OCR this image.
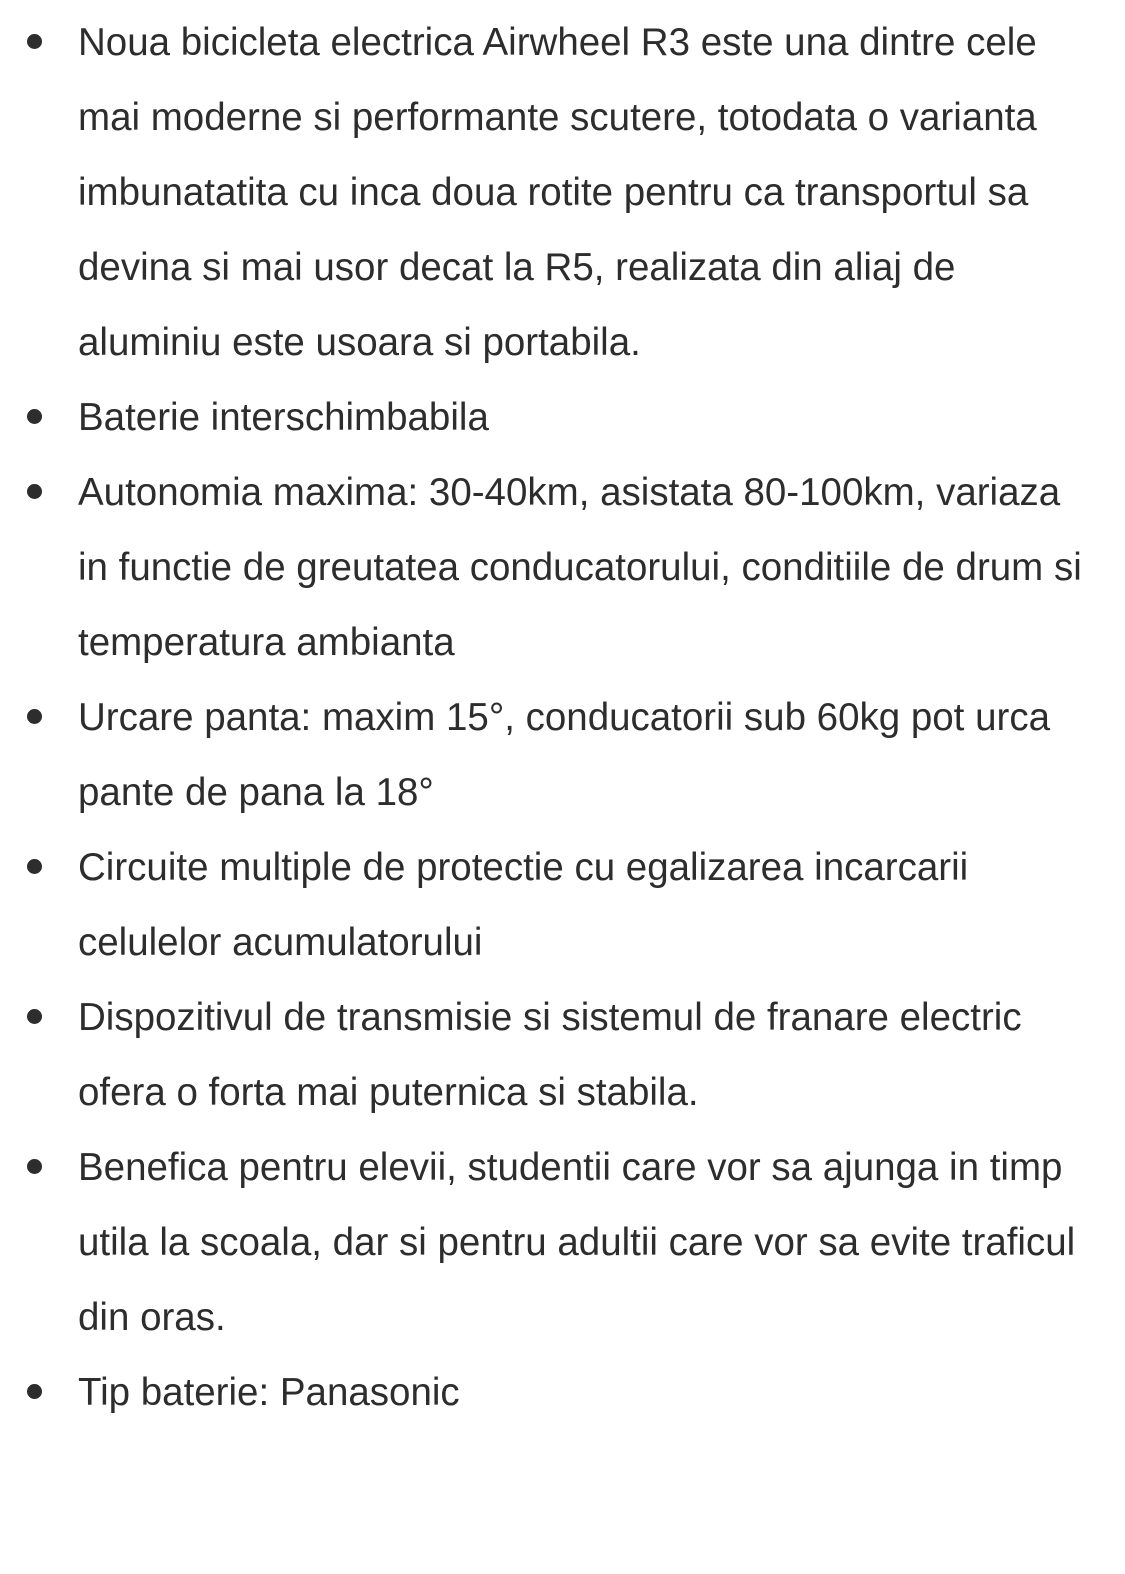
Noua bicicleta electrica Airwheel R3 este una dintre cele mai moderne si performante scutere, totodata o varianta imbunatatita cu inca doua rotite pentru ca transportul sa devina si mai usor decat la R5, realizata din aliaj de aluminiu este usoara si portabila.
Baterie interschimbabila
Autonomia maxima: 30-40km, asistata 80-100km, variaza in functie de greutatea conducatorului, conditiile de drum si temperatura ambianta
Urcare panta: maxim 15°, conducatorii sub 60kg pot urca pante de pana la 18°
Circuite multiple de protectie cu egalizarea incarcarii celulelor acumulatorului
Dispozitivul de transmisie si sistemul de franare electric ofera o forta mai puternica si stabila.
Benefica pentru elevii, studentii care vor sa ajunga in timp utila la scoala, dar si pentru adultii care vor sa evite traficul din oras.
Tip baterie: Panasonic
